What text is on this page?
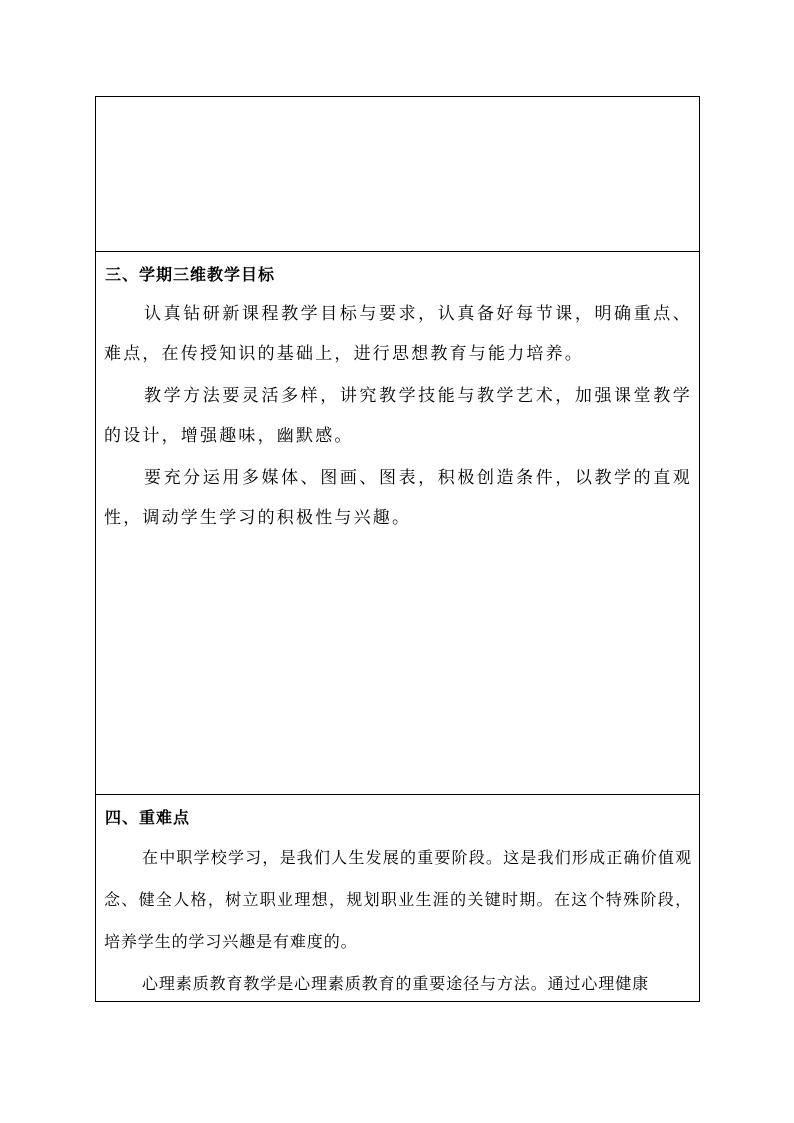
三、学期三维教学目标

认真钻研新课程教学目标与要求，认真备好每节课，明确重点、难点，在传授知识的基础上，进行思想教育与能力培养。

教学方法要灵活多样，讲究教学技能与教学艺术，加强课堂教学的设计，增强趣味，幽默感。

要充分运用多媒体、图画、图表，积极创造条件，以教学的直观性，调动学生学习的积极性与兴趣。

四、重难点

在中职学校学习，是我们人生发展的重要阶段。这是我们形成正确价值观念、健全人格，树立职业理想，规划职业生涯的关键时期。在这个特殊阶段，培养学生的学习兴趣是有难度的。

心理素质教育教学是心理素质教育的重要途径与方法。通过心理健康
